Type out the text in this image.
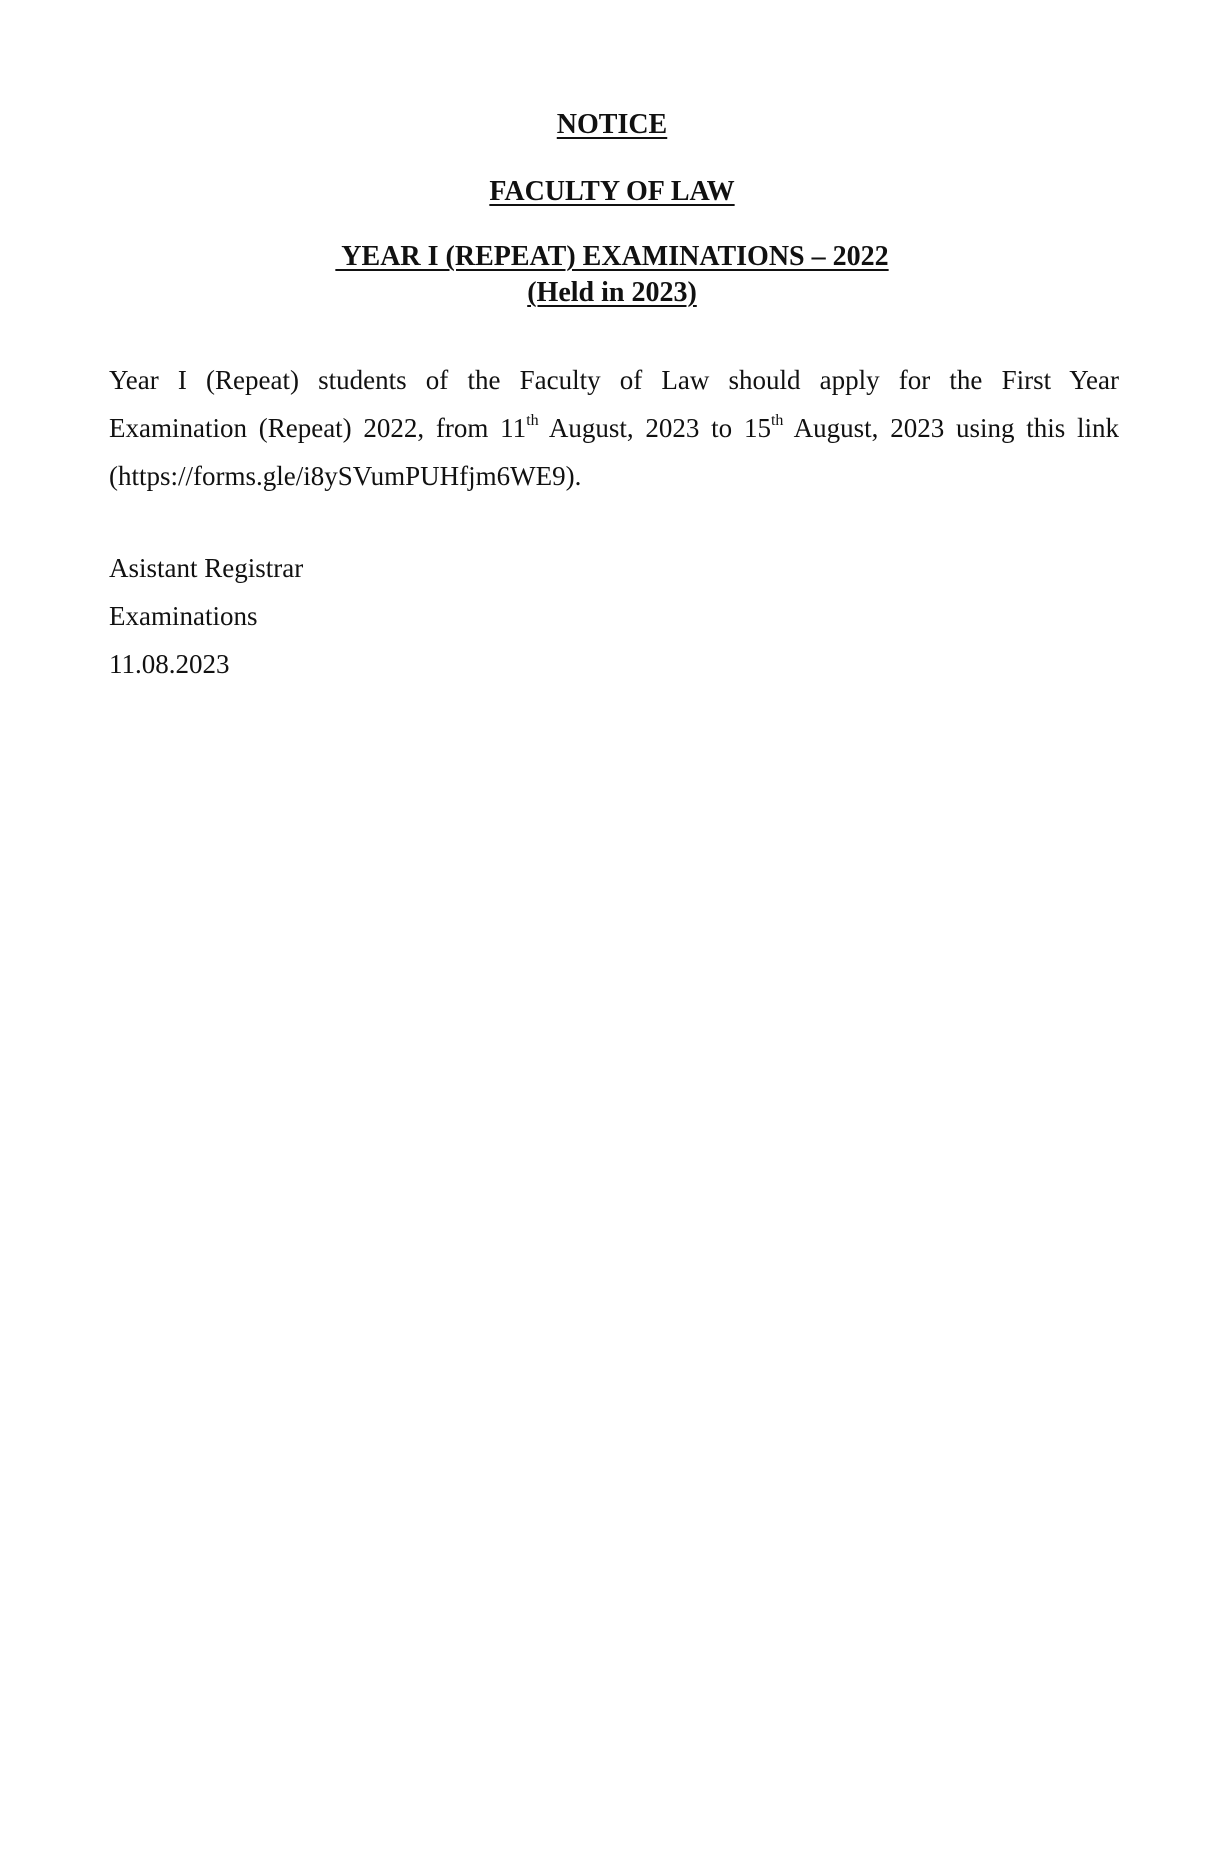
NOTICE
FACULTY OF LAW
YEAR I (REPEAT) EXAMINATIONS – 2022
(Held in 2023)
Year I (Repeat) students of the Faculty of Law should apply for the First Year
Examination (Repeat) 2022, from 11th August, 2023 to 15th August, 2023 using this link
(https://forms.gle/i8ySVumPUHfjm6WE9).

Asistant Registrar

Examinations

11.08.2023
